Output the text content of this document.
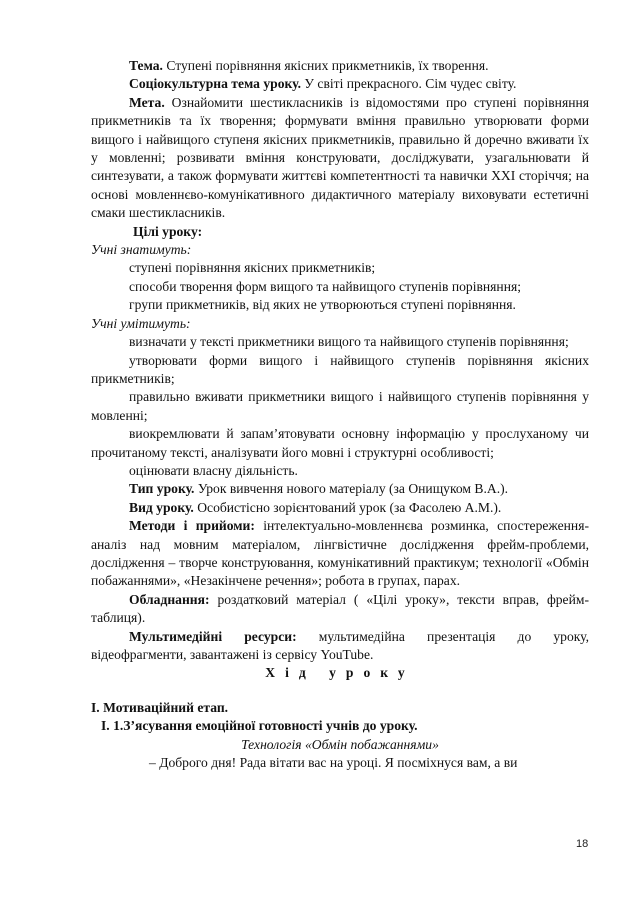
Тема. Ступені порівняння якісних прикметників, їх творення.

Соціокультурна тема уроку. У світі прекрасного. Сім чудес світу.

Мета. Ознайомити шестикласників із відомостями про ступені порівняння прикметників та їх творення; формувати вміння правильно утворювати форми вищого і найвищого ступеня якісних прикметників, правильно й доречно вживати їх у мовленні; розвивати вміння конструювати, досліджувати, узагальнювати й синтезувати, а також формувати життєві компетентності та навички ХХІ сторіччя; на основі мовленнєво-комунікативного дидактичного матеріалу виховувати естетичні смаки шестикласників.

Цілі уроку:

Учні знатимуть:

ступені порівняння якісних прикметників;

способи творення форм вищого та найвищого ступенів порівняння;

групи прикметників, від яких не утворюються ступені порівняння.

Учні умітимуть:

визначати у тексті прикметники вищого та найвищого ступенів порівняння;

утворювати форми вищого і найвищого ступенів порівняння якісних прикметників;

правильно вживати прикметники вищого і найвищого ступенів порівняння у мовленні;

виокремлювати й запам’ятовувати основну інформацію у прослуханому чи прочитаному тексті, аналізувати його мовні і структурні особливості;

оцінювати власну діяльність.

Тип уроку. Урок вивчення нового матеріалу (за Онищуком В.А.).

Вид уроку. Особистісно зорієнтований урок (за Фасолею А.М.).

Методи і прийоми: інтелектуально-мовленнєва розминка, спостереження-аналіз над мовним матеріалом, лінгвістичне дослідження фрейм-проблеми, дослідження – творче конструювання, комунікативний практикум; технології «Обмін побажаннями», «Незакінчене речення»; робота в групах, парах.

Обладнання: роздатковий матеріал ( «Цілі уроку», тексти вправ, фрейм-таблиця).

Мультимедійні ресурси: мультимедійна презентація до уроку, відеофрагменти, завантажені із сервісу YouTube.

Хід уроку

І. Мотиваційний етап.

І. 1.З’ясування емоційної готовності учнів до уроку.

Технологія «Обмін побажаннями»

– Доброго дня! Рада вітати вас на уроці. Я посміхнуся вам, а ви

18
